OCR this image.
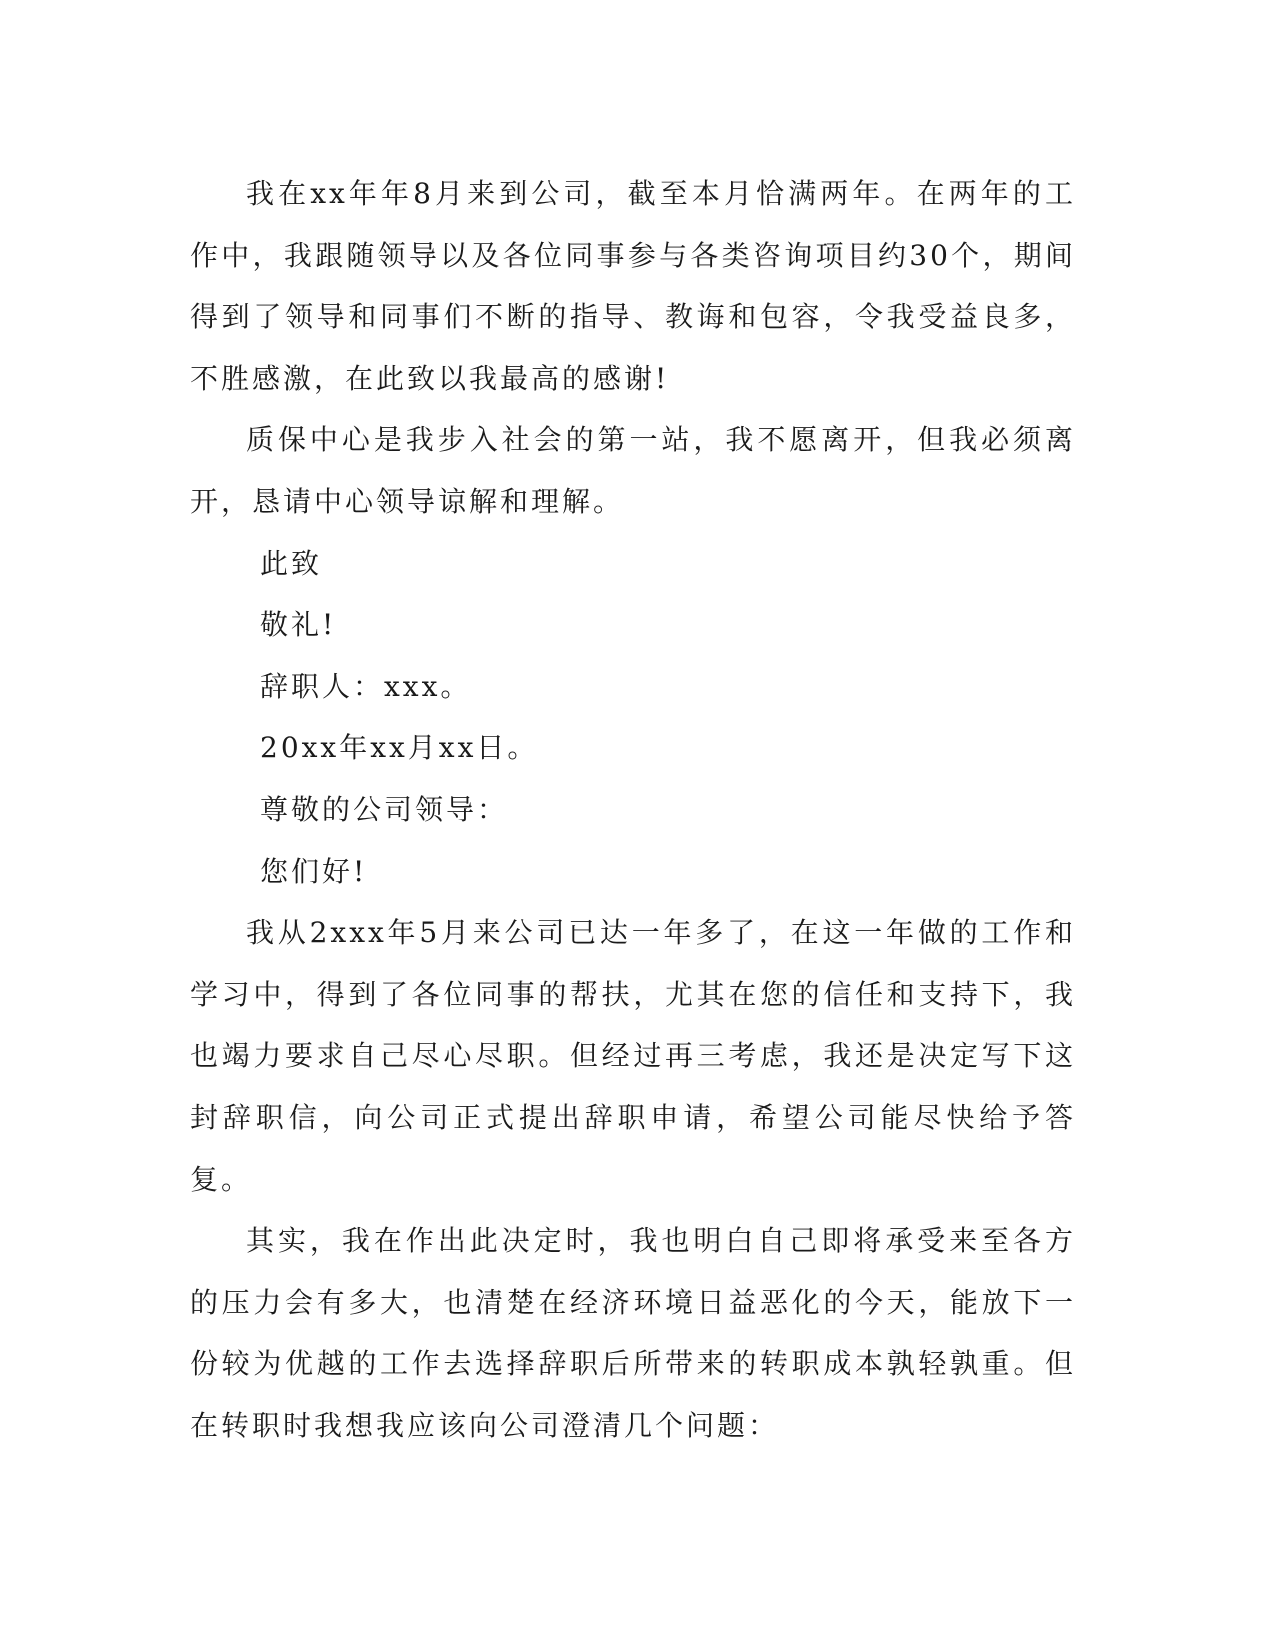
我在xx年年8月来到公司，截至本月恰满两年。在两年的工作中，我跟随领导以及各位同事参与各类咨询项目约30个，期间得到了领导和同事们不断的指导、教诲和包容，令我受益良多，不胜感激，在此致以我最高的感谢!

质保中心是我步入社会的第一站，我不愿离开，但我必须离开，恳请中心领导谅解和理解。

此致
敬礼!
辞职人：xxx。
20xx年xx月xx日。
尊敬的公司领导：
您们好!

我从2xxx年5月来公司已达一年多了，在这一年做的工作和学习中，得到了各位同事的帮扶，尤其在您的信任和支持下，我也竭力要求自己尽心尽职。但经过再三考虑，我还是决定写下这封辞职信，向公司正式提出辞职申请，希望公司能尽快给予答复。

其实，我在作出此决定时，我也明白自己即将承受来至各方的压力会有多大，也清楚在经济环境日益恶化的今天，能放下一份较为优越的工作去选择辞职后所带来的转职成本孰轻孰重。但在转职时我想我应该向公司澄清几个问题：
